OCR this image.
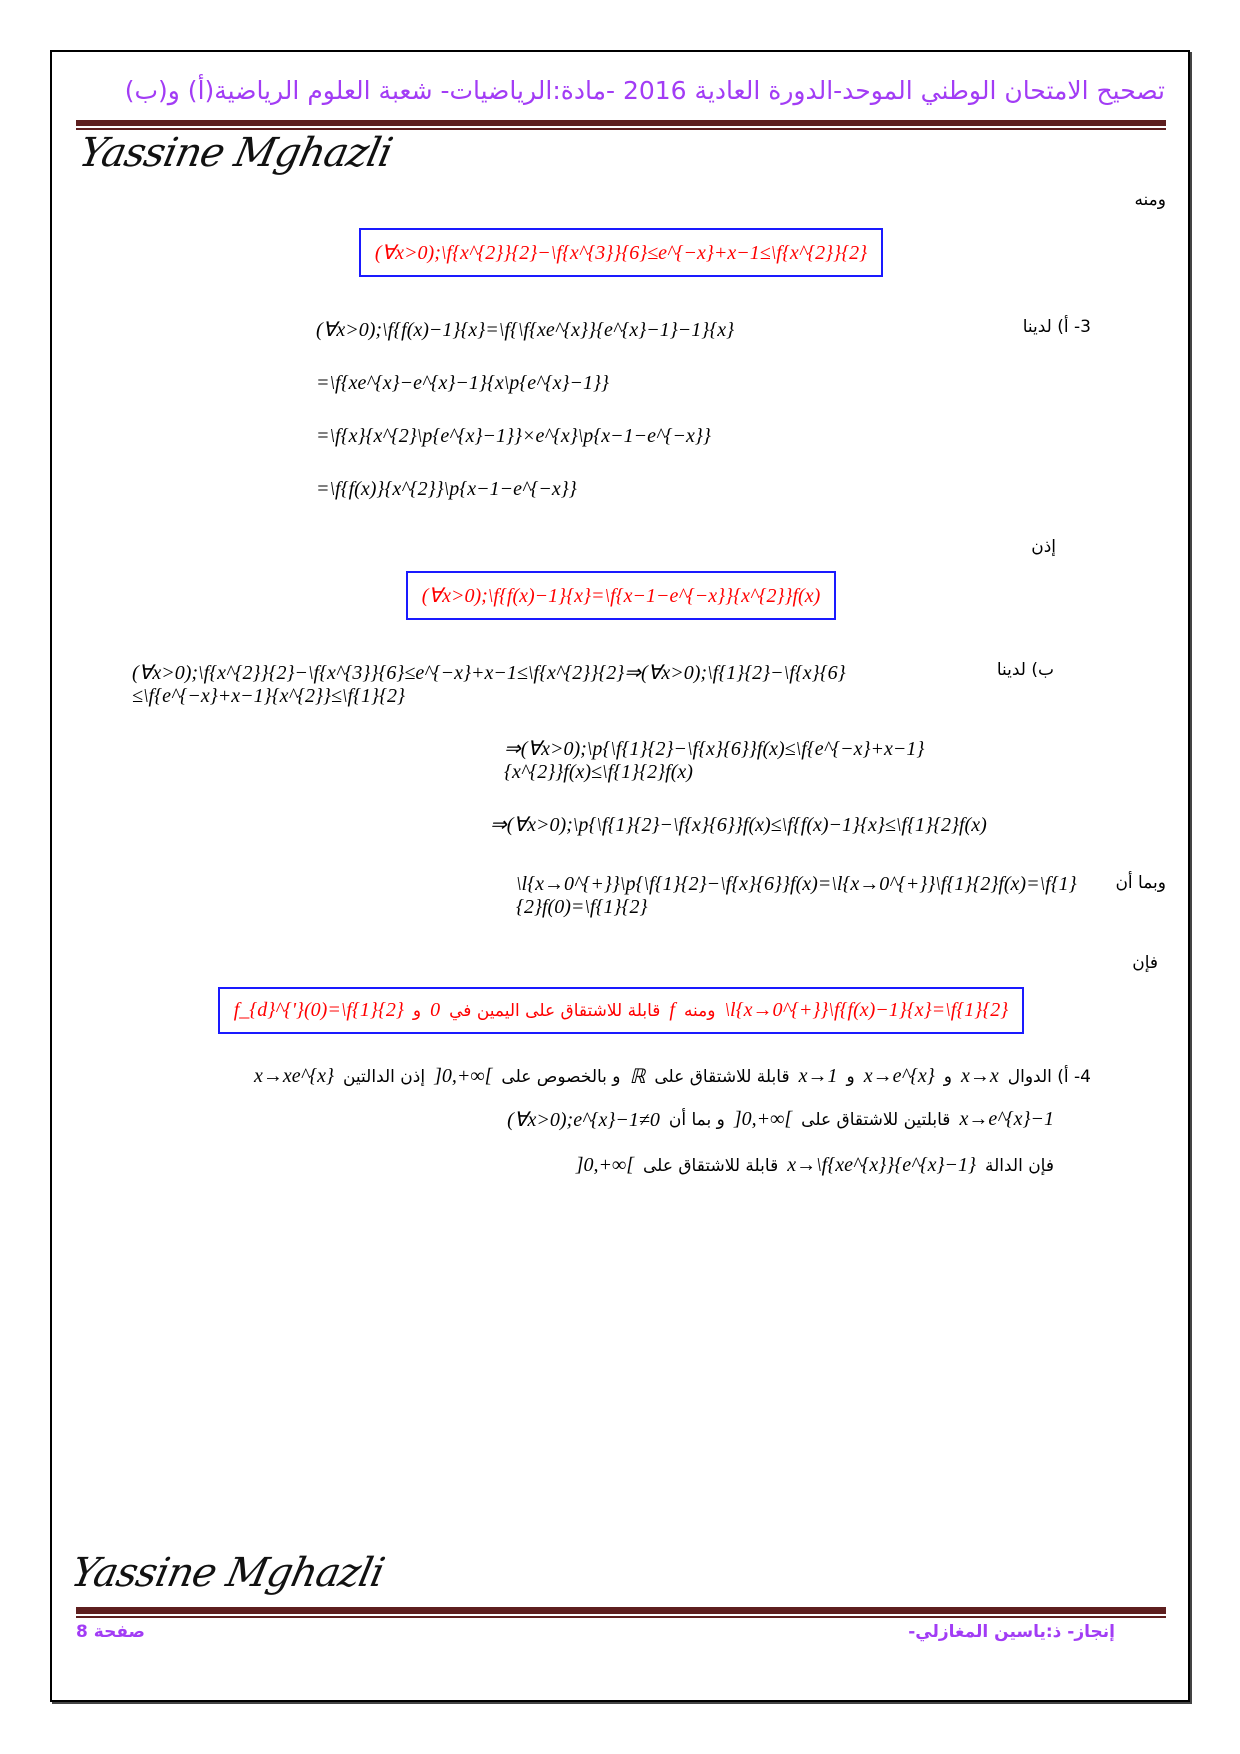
تصحيح الامتحان الوطني الموحد-الدورة العادية 2016 -مادة:الرياضيات- شعبة العلوم الرياضية(أ) و(ب)
Yassine Mghazli
ومنه
(∀x>0);\f{x^{2}}{2}−\f{x^{3}}{6}≤e^{−x}+x−1≤\f{x^{2}}{2}
3- أ) لدينا
(∀x>0);\f{f(x)−1}{x}=\f{\f{xe^{x}}{e^{x}−1}−1}{x}
=\f{xe^{x}−e^{x}−1}{x\p{e^{x}−1}}
=\f{x}{x^{2}\p{e^{x}−1}}×e^{x}\p{x−1−e^{−x}}
=\f{f(x)}{x^{2}}\p{x−1−e^{−x}}
إذن
(∀x>0);\f{f(x)−1}{x}=\f{x−1−e^{−x}}{x^{2}}f(x)
ب) لدينا
(∀x>0);\f{x^{2}}{2}−\f{x^{3}}{6}≤e^{−x}+x−1≤\f{x^{2}}{2}⇒(∀x>0);\f{1}{2}−\f{x}{6}≤\f{e^{−x}+x−1}{x^{2}}≤\f{1}{2}
⇒(∀x>0);\p{\f{1}{2}−\f{x}{6}}f(x)≤\f{e^{−x}+x−1}{x^{2}}f(x)≤\f{1}{2}f(x)
⇒(∀x>0);\p{\f{1}{2}−\f{x}{6}}f(x)≤\f{f(x)−1}{x}≤\f{1}{2}f(x)
وبما أن
\l{x→0^{+}}\p{\f{1}{2}−\f{x}{6}}f(x)=\l{x→0^{+}}\f{1}{2}f(x)=\f{1}{2}f(0)=\f{1}{2}
فإن
\l{x→0^{+}}\f{f(x)−1}{x}=\f{1}{2}
ومنه
f
قابلة للاشتقاق على اليمين في
0
و
f_{d}^{'}(0)=\f{1}{2}
4- أ) الدوال
x→x
و
x→e^{x}
و
x→1
قابلة للاشتقاق على
ℝ
و بالخصوص على
]0,+∞[
إذن الدالتين
x→xe^{x}
x→e^{x}−1
قابلتين للاشتقاق على
]0,+∞[
و بما أن
(∀x>0);e^{x}−1≠0
فإن الدالة
x→\f{xe^{x}}{e^{x}−1}
قابلة للاشتقاق على
]0,+∞[
Yassine Mghazli
إنجاز- ذ:ياسين المغازلي-
صفحة 8
